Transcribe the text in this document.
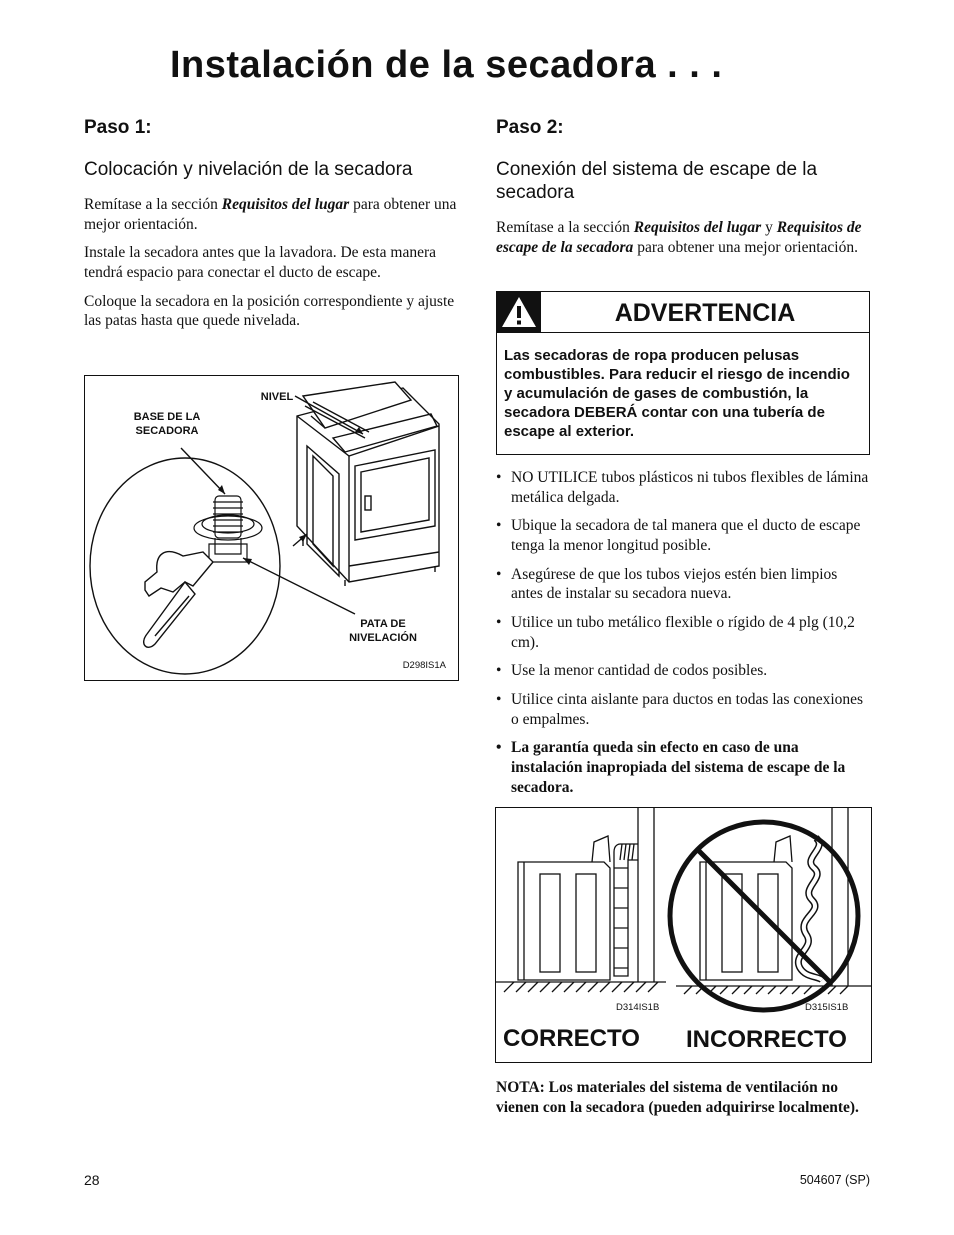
Instalación de la secadora . . .
Paso 1:
Colocación y nivelación de la secadora

Remítase a la sección Requisitos del lugar para obtener una mejor orientación.

Instale la secadora antes que la lavadora. De esta manera tendrá espacio para conectar el ducto de escape.

Coloque la secadora en la posición correspondiente y ajuste las patas hasta que quede nivelada.

BASE DE LA SECADORA
NIVEL
PATA DE NIVELACIÓN
D298IS1A
Paso 2:
Conexión del sistema de escape de la secadora

Remítase a la sección Requisitos del lugar y Requisitos de escape de la secadora para obtener una mejor orientación.

ADVERTENCIA

Las secadoras de ropa producen pelusas combustibles. Para reducir el riesgo de incendio y acumulación de gases de combustión, la secadora DEBERÁ contar con una tubería de escape al exterior.

• NO UTILICE tubos plásticos ni tubos flexibles de lámina metálica delgada.
• Ubique la secadora de tal manera que el ducto de escape tenga la menor longitud posible.
• Asegúrese de que los tubos viejos estén bien limpios antes de instalar su secadora nueva.
• Utilice un tubo metálico flexible o rígido de 4 plg (10,2 cm).
• Use la menor cantidad de codos posibles.
• Utilice cinta aislante para ductos en todas las conexiones o empalmes.
• La garantía queda sin efecto en caso de una instalación inapropiada del sistema de escape de la secadora.
D314IS1B	D315IS1B
CORRECTO INCORRECTO

NOTA: Los materiales del sistema de ventilación no vienen con la secadora (pueden adquirirse localmente).

28	504607 (SP)
